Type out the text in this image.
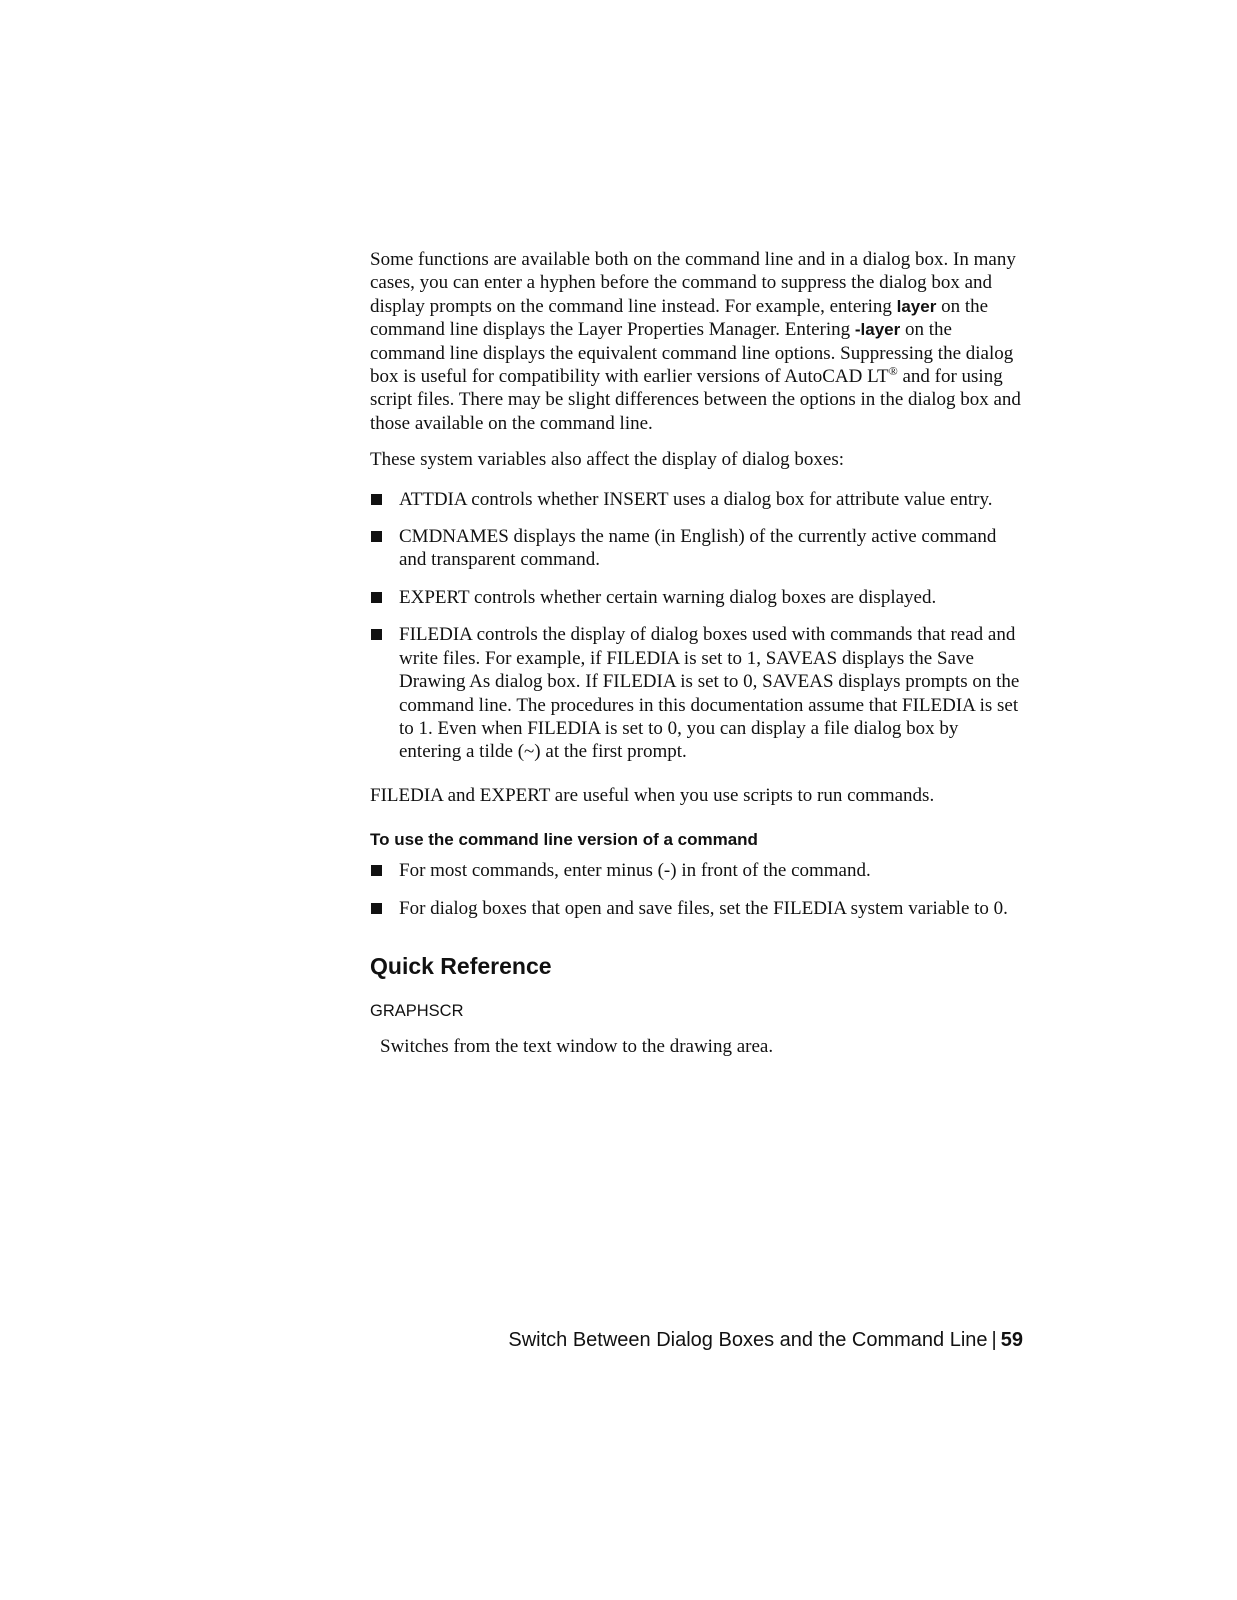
Some functions are available both on the command line and in a dialog box. In many cases, you can enter a hyphen before the command to suppress the dialog box and display prompts on the command line instead. For example, entering layer on the command line displays the Layer Properties Manager. Entering -layer on the command line displays the equivalent command line options. Suppressing the dialog box is useful for compatibility with earlier versions of AutoCAD LT® and for using script files. There may be slight differences between the options in the dialog box and those available on the command line.

These system variables also affect the display of dialog boxes:

ATTDIA controls whether INSERT uses a dialog box for attribute value entry.
CMDNAMES displays the name (in English) of the currently active command and transparent command.
EXPERT controls whether certain warning dialog boxes are displayed.
FILEDIA controls the display of dialog boxes used with commands that read and write files. For example, if FILEDIA is set to 1, SAVEAS displays the Save Drawing As dialog box. If FILEDIA is set to 0, SAVEAS displays prompts on the command line. The procedures in this documentation assume that FILEDIA is set to 1. Even when FILEDIA is set to 0, you can display a file dialog box by entering a tilde (~) at the first prompt.

FILEDIA and EXPERT are useful when you use scripts to run commands.

To use the command line version of a command
For most commands, enter minus (-) in front of the command.
For dialog boxes that open and save files, set the FILEDIA system variable to 0.
Quick Reference
GRAPHSCR

Switches from the text window to the drawing area.

Switch Between Dialog Boxes and the Command Line | 59
